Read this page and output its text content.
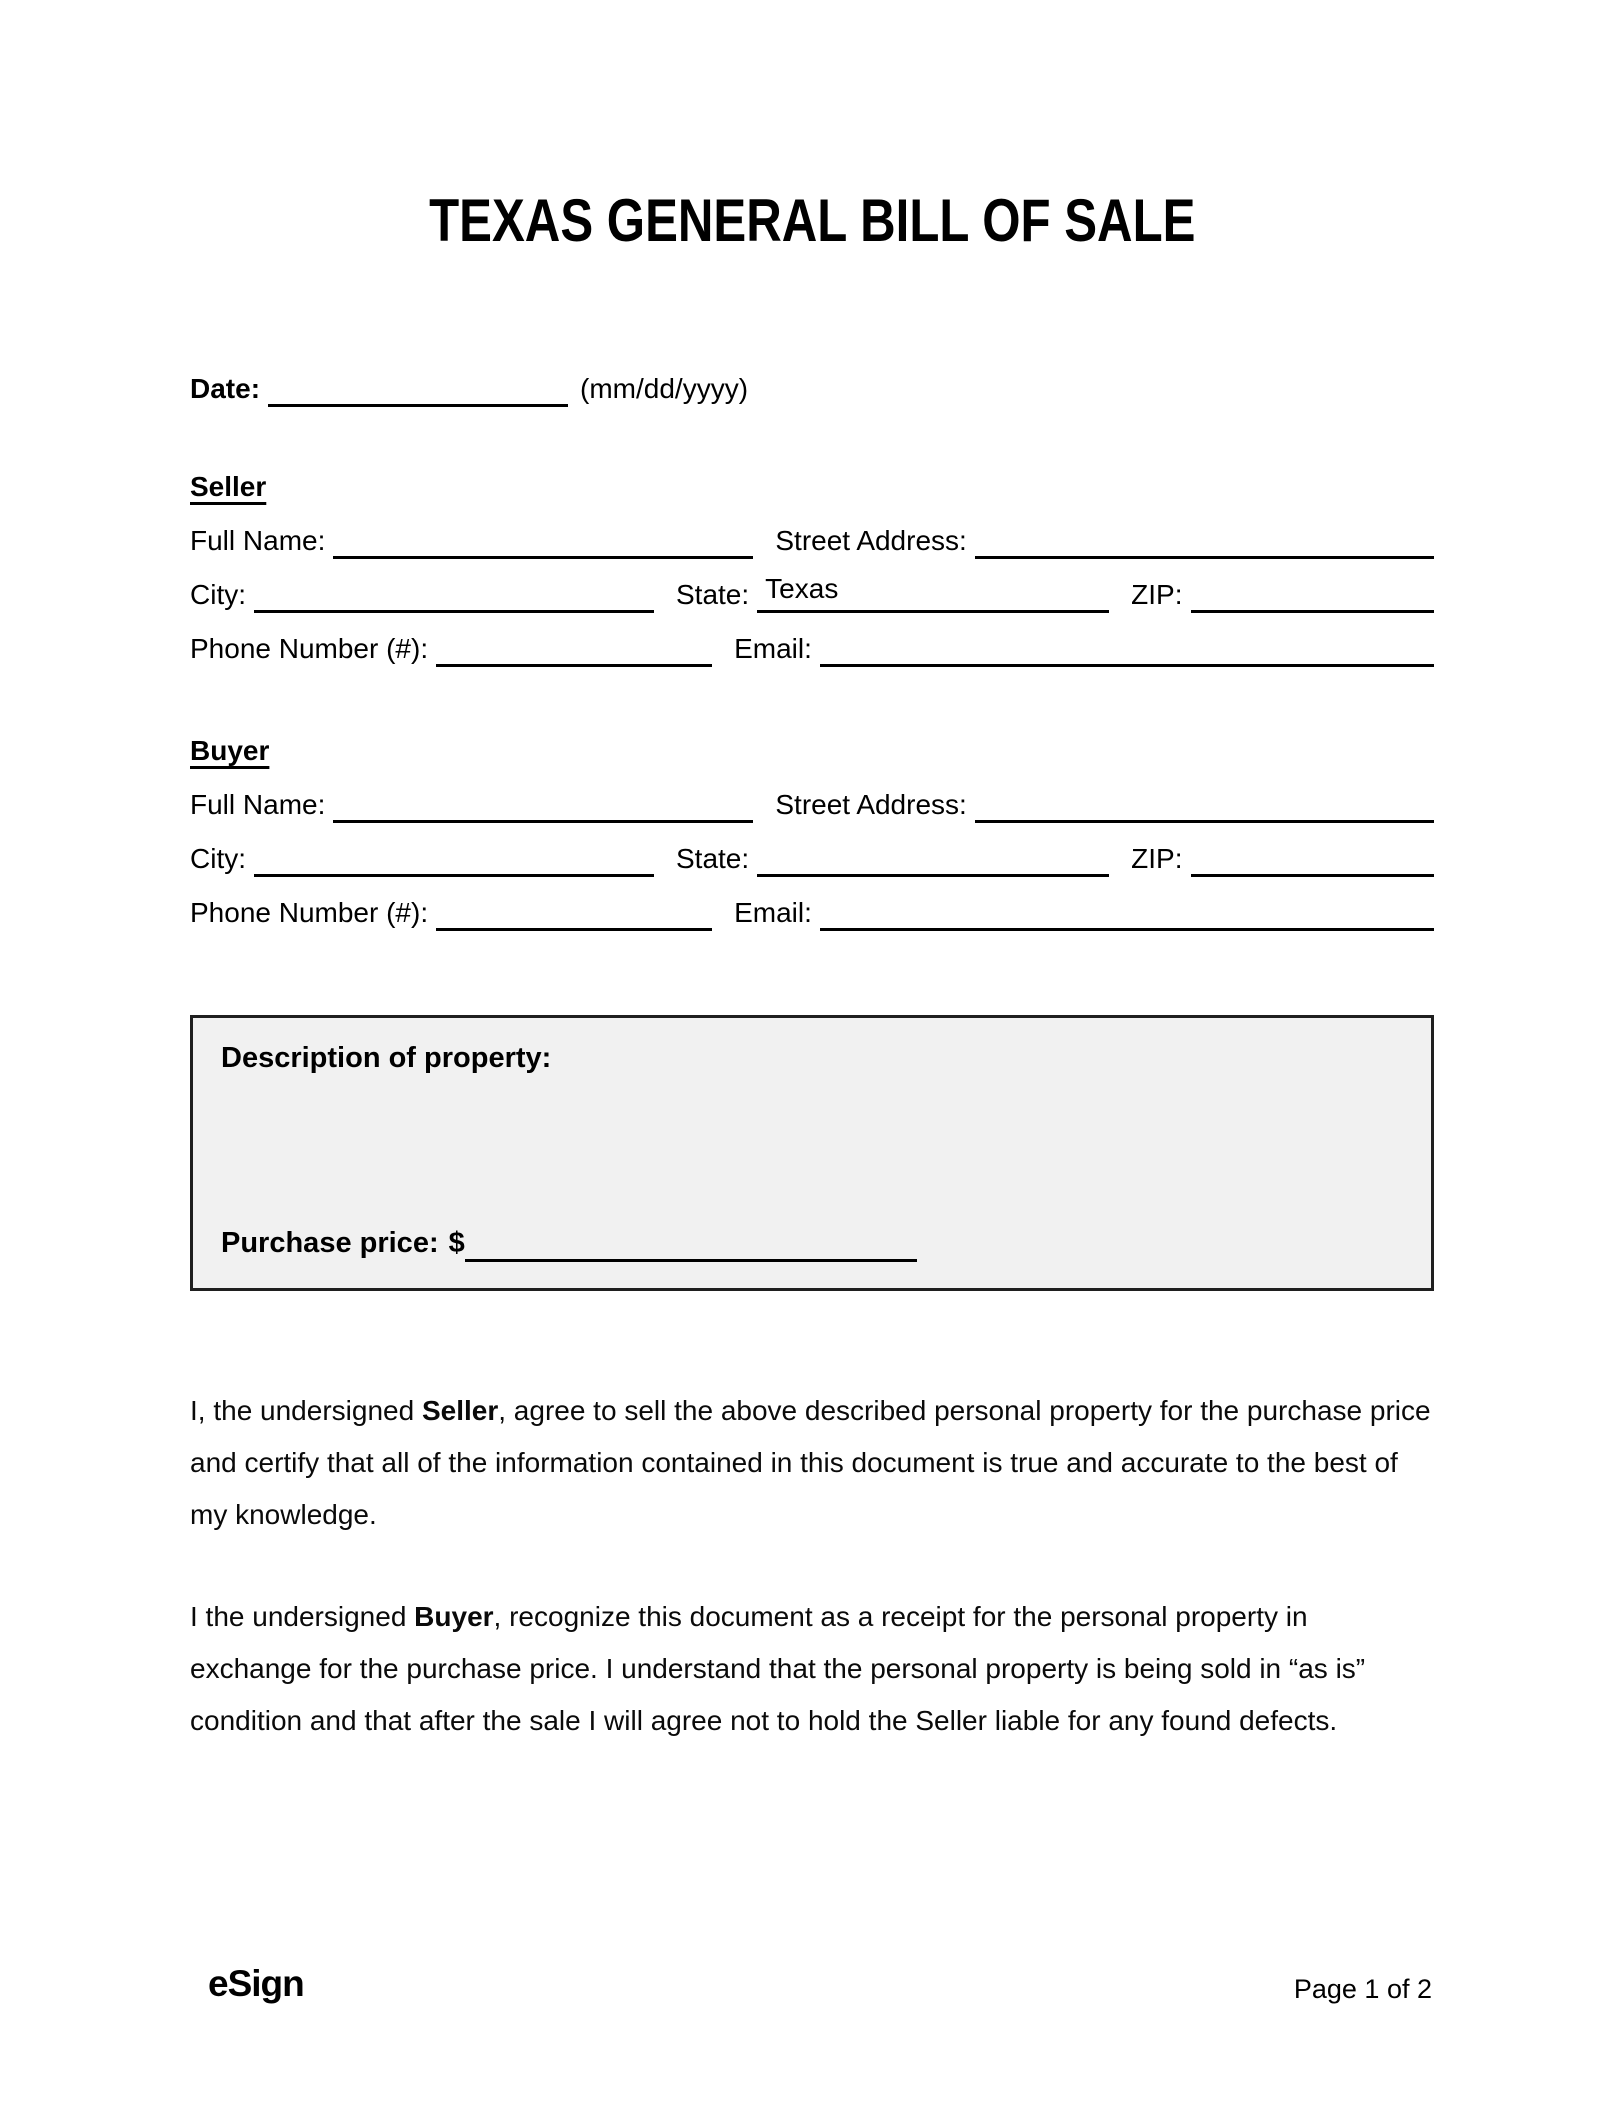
TEXAS GENERAL BILL OF SALE
Date:	(mm/dd/yyyy)
Seller
Full Name:	Street Address:
City:	State: Texas	ZIP:
Phone Number (#):	Email:
Buyer
Full Name:	Street Address:
City:	State:	ZIP:
Phone Number (#):	Email:
Description of property:
Purchase price: $
I, the undersigned Seller, agree to sell the above described personal property for the purchase price and certify that all of the information contained in this document is true and accurate to the best of my knowledge.
I the undersigned Buyer, recognize this document as a receipt for the personal property in exchange for the purchase price. I understand that the personal property is being sold in “as is” condition and that after the sale I will agree not to hold the Seller liable for any found defects.
eSign	Page 1 of 2
